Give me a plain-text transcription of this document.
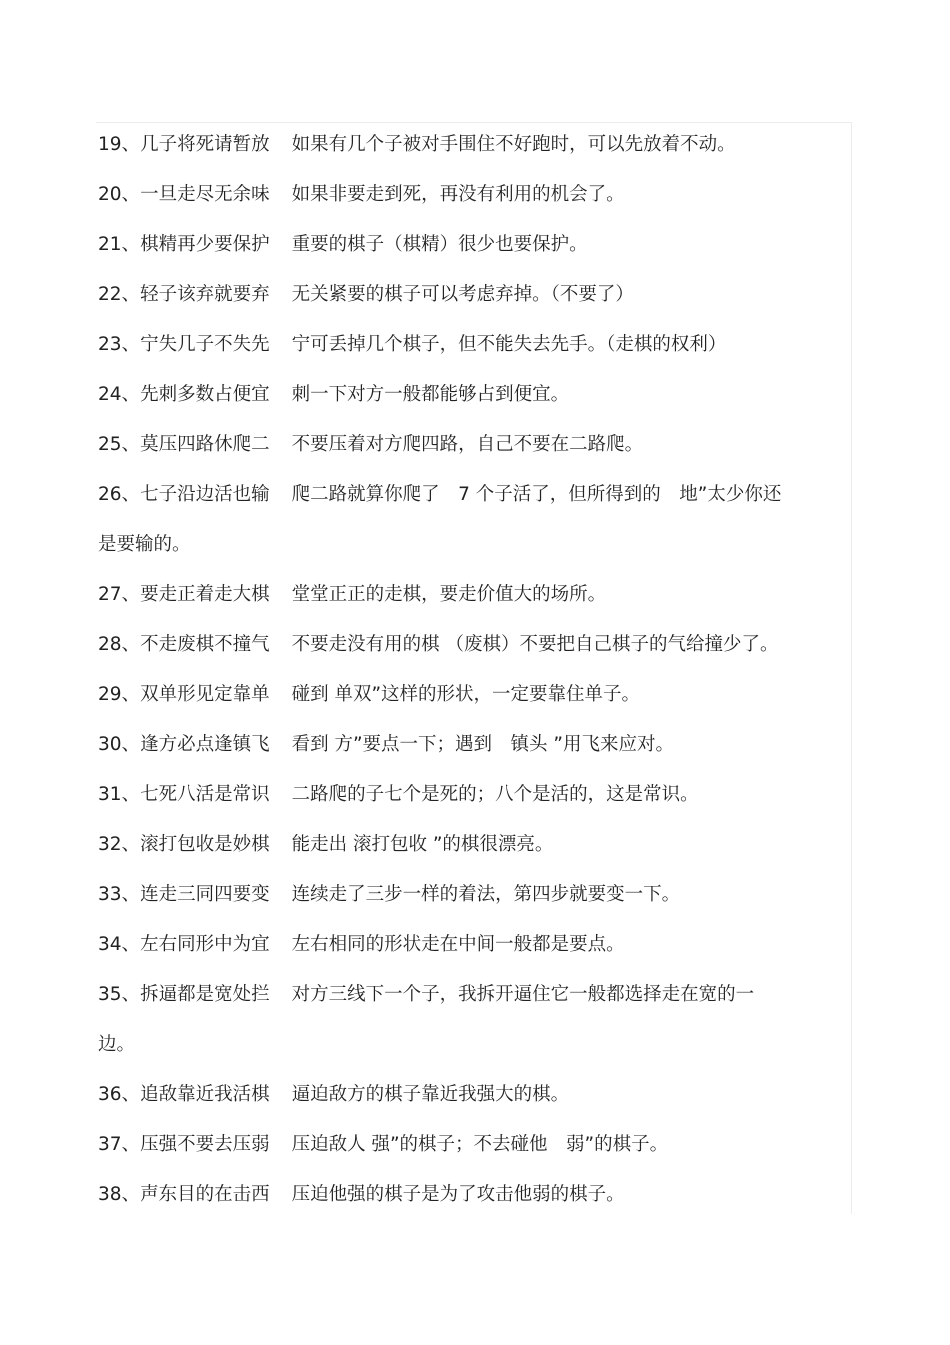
19、几子将死请暂放 如果有几个子被对手围住不好跑时，可以先放着不动。
20、一旦走尽无余味 如果非要走到死，再没有利用的机会了。
21、棋精再少要保护 重要的棋子（棋精）很少也要保护。
22、轻子该弃就要弃 无关紧要的棋子可以考虑弃掉。（不要了）
23、宁失几子不失先 宁可丢掉几个棋子，但不能失去先手。（走棋的权利）
24、先刺多数占便宜 刺一下对方一般都能够占到便宜。
25、莫压四路休爬二 不要压着对方爬四路，自己不要在二路爬。
26、七子沿边活也输 爬二路就算你爬了　7 个子活了，但所得到的　地”太少你还
是要输的。
27、要走正着走大棋 堂堂正正的走棋，要走价值大的场所。
28、不走废棋不撞气 不要走没有用的棋 （废棋）不要把自己棋子的气给撞少了。
29、双单形见定靠单 碰到 单双”这样的形状，一定要靠住单子。
30、逢方必点逢镇飞 看到 方”要点一下；遇到　镇头 ”用飞来应对。
31、七死八活是常识 二路爬的子七个是死的；八个是活的，这是常识。
32、滚打包收是妙棋 能走出 滚打包收 ”的棋很漂亮。
33、连走三同四要变 连续走了三步一样的着法，第四步就要变一下。
34、左右同形中为宜 左右相同的形状走在中间一般都是要点。
35、拆逼都是宽处拦 对方三线下一个子，我拆开逼住它一般都选择走在宽的一
边。
36、追敌靠近我活棋 逼迫敌方的棋子靠近我强大的棋。
37、压强不要去压弱 压迫敌人 强”的棋子；不去碰他　弱”的棋子。
38、声东目的在击西 压迫他强的棋子是为了攻击他弱的棋子。
